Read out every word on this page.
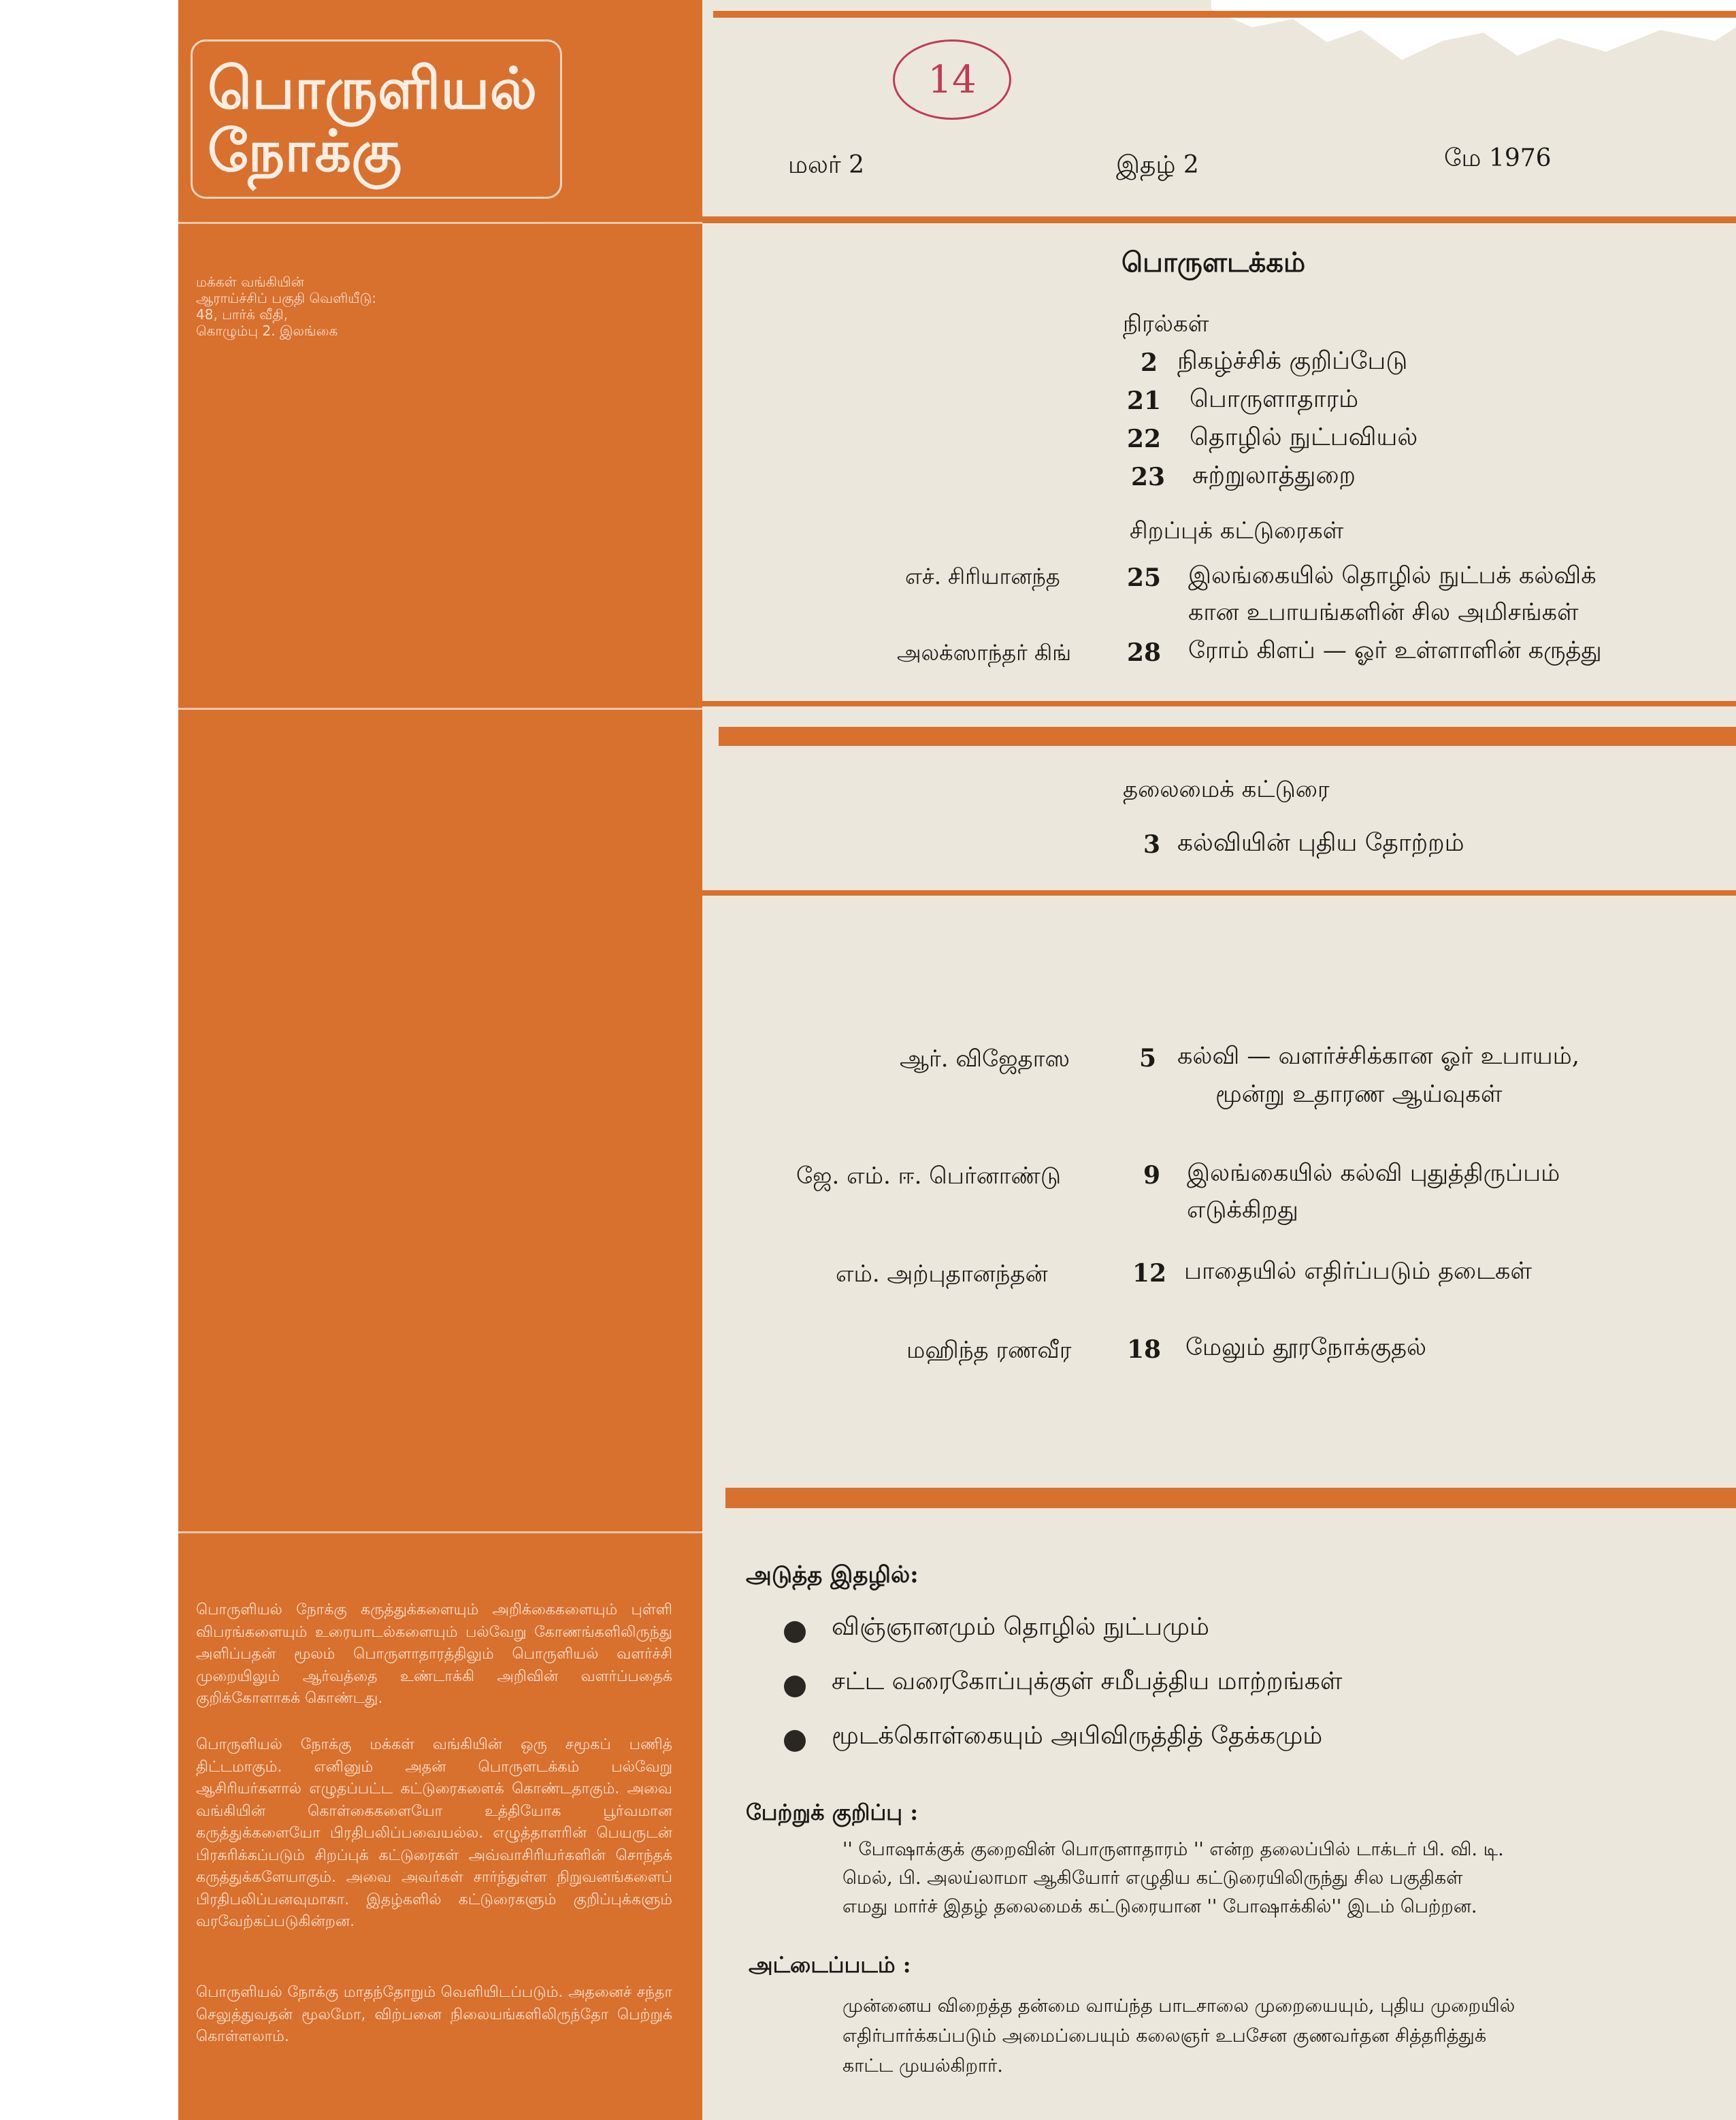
பொருளியல்
நோக்கு
மக்கள் வங்கியின்
ஆராய்ச்சிப் பகுதி வெளியீடு:
48, பார்க் வீதி,
கொழும்பு 2. இலங்கை
பொருளியல் நோக்கு கருத்துக்களையும் அறிக்கைகளையும் புள்ளி விபரங்களையும் உரையாடல்களையும் பல்வேறு கோணங்களிலிருந்து அளிப்பதன் மூலம் பொருளாதாரத்திலும் பொருளியல் வளர்ச்சி முறையிலும் ஆர்வத்தை உண்டாக்கி அறிவின் வளர்ப்பதைக் குறிக்கோளாகக் கொண்டது.
பொருளியல் நோக்கு மக்கள் வங்கியின் ஒரு சமூகப் பணித் திட்டமாகும். எனினும் அதன் பொருளடக்கம் பல்வேறு ஆசிரியர்களால் எழுதப்பட்ட கட்டுரைகளைக் கொண்டதாகும். அவை வங்கியின் கொள்கைகளையோ உத்தியோக பூர்வமான கருத்துக்களையோ பிரதிபலிப்பவையல்ல. எழுத்தாளரின் பெயருடன் பிரசுரிக்கப்படும் சிறப்புக் கட்டுரைகள் அவ்வாசிரியர்களின் சொந்தக் கருத்துக்களேயாகும். அவை அவர்கள் சார்ந்துள்ள நிறுவனங்களைப் பிரதிபலிப்பனவுமாகா. இதழ்களில் கட்டுரைகளும் குறிப்புக்களும் வரவேற்கப்படுகின்றன.
பொருளியல் நோக்கு மாதந்தோறும் வெளியிடப்படும். அதனைச் சந்தா செலுத்துவதன் மூலமோ, விற்பனை நிலையங்களிலிருந்தோ பெற்றுக் கொள்ளலாம்.
14
மலர் 2	இதழ் 2	மே 1976
பொருளடக்கம்
நிரல்கள்
2 நிகழ்ச்சிக் குறிப்பேடு
21 பொருளாதாரம்
22 தொழில் நுட்பவியல்
23 சுற்றுலாத்துறை
சிறப்புக் கட்டுரைகள்
எச். சிரியானந்த	25 இலங்கையில் தொழில் நுட்பக் கல்விக்
கான உபாயங்களின் சில அமிசங்கள்
அலக்ஸாந்தர் கிங் 28 ரோம் கிளப் — ஓர் உள்ளாளின் கருத்து
தலைமைக் கட்டுரை
3 கல்வியின் புதிய தோற்றம்
ஆர். விஜேதாஸ	5 கல்வி — வளர்ச்சிக்கான ஓர் உபாயம்,
மூன்று உதாரண ஆய்வுகள்
ஜே. எம். ஈ. பெர்னாண்டு	9 இலங்கையில் கல்வி புதுத்திருப்பம்
எடுக்கிறது
எம். அற்புதானந்தன்	12 பாதையில் எதிர்ப்படும் தடைகள்
மஹிந்த ரணவீர 18 மேலும் தூரநோக்குதல்
அடுத்த இதழில்:
விஞ்ஞானமும் தொழில் நுட்பமும்
சட்ட வரைகோப்புக்குள் சமீபத்திய மாற்றங்கள்
மூடக்கொள்கையும் அபிவிருத்தித் தேக்கமும்
பேற்றுக் குறிப்பு :
'' போஷாக்குக் குறைவின் பொருளாதாரம் '' என்ற தலைப்பில் டாக்டர் பி. வி. டி.
மெல், பி. அலய்லாமா ஆகியோர் எழுதிய கட்டுரையிலிருந்து சில பகுதிகள்
எமது மார்ச் இதழ் தலைமைக் கட்டுரையான '' போஷாக்கில்'' இடம் பெற்றன.
அட்டைப்படம் :
முன்னைய விறைத்த தன்மை வாய்ந்த பாடசாலை முறையையும், புதிய முறையில்
எதிர்பார்க்கப்படும் அமைப்பையும் கலைஞர் உபசேன குணவர்தன சித்தரித்துக்
காட்ட முயல்கிறார்.
